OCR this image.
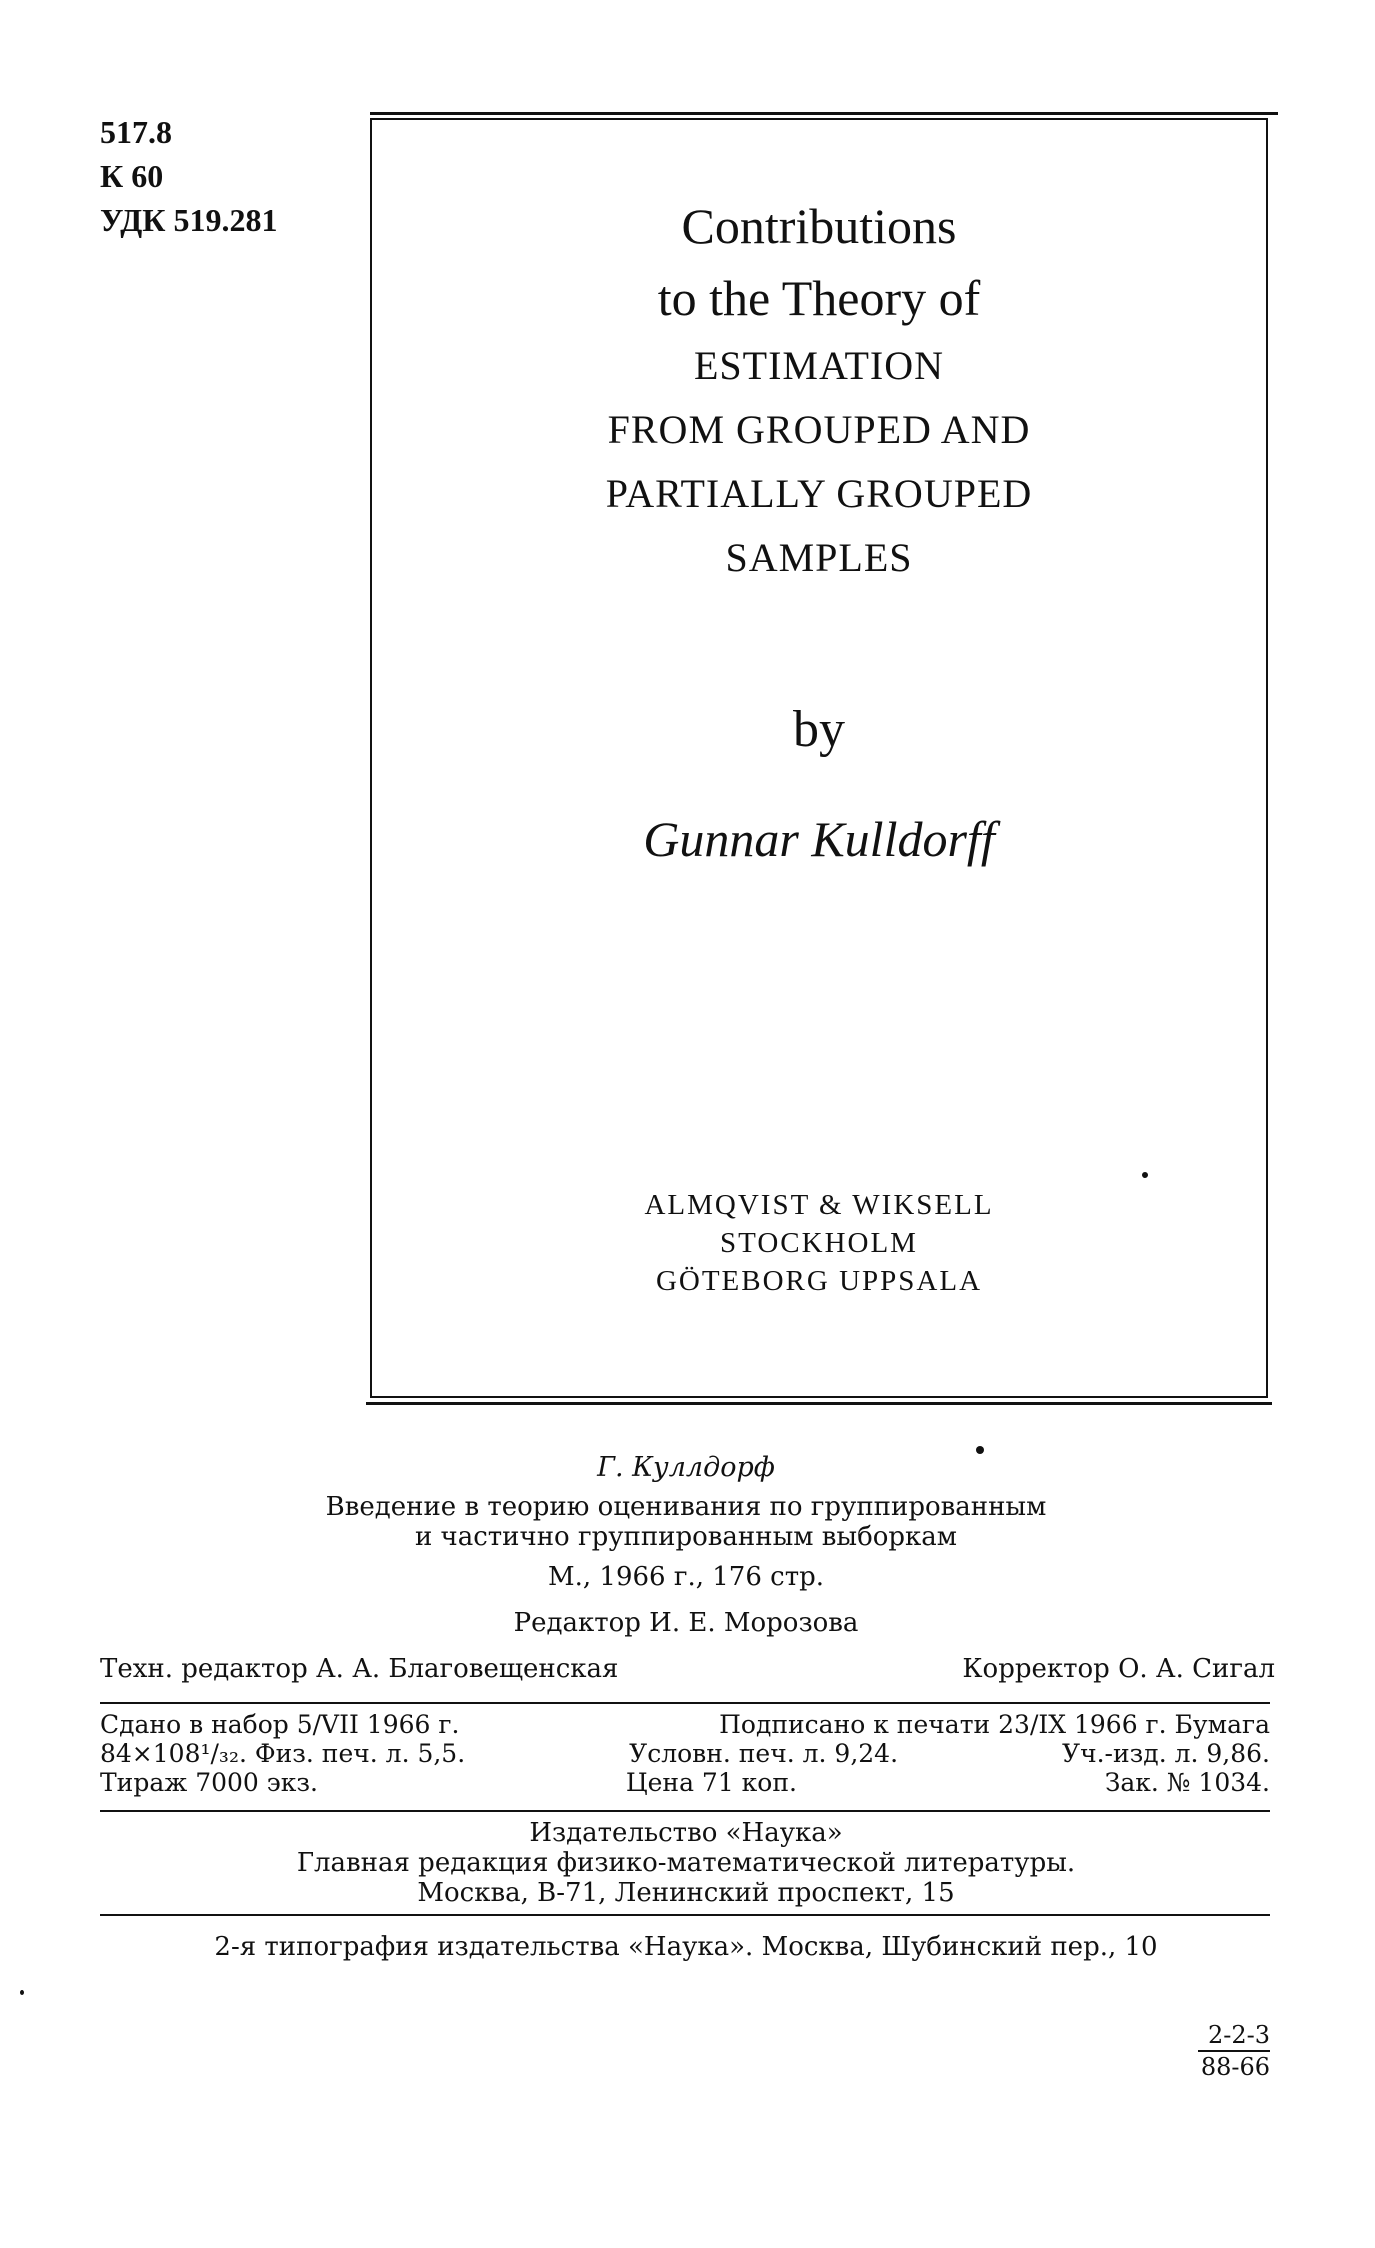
517.8
К 60
УДК 519.281	Contributions
to the Theory of
ESTIMATION
FROM GROUPED AND
PARTIALLY GROUPED
SAMPLES
by
Gunnar Kulldorff
ALMQVIST & WIKSELL
STOCKHOLM
GÖTEBORG UPPSALA
Г. Куллдорф
Введение в теорию оценивания по группированным
и частично группированным выборкам
М., 1966 г., 176 стр.
Редактор И. Е. Морозова
Техн. редактор А. А. Благовещенская	Корректор О. А. Сигал
Сдано в набор 5/VII 1966 г.	Подписано к печати 23/IX 1966 г. Бумага
84×108¹/₃₂. Физ. печ. л. 5,5.	Условн. печ. л. 9,24.	Уч.-изд. л. 9,86.
Тираж 7000 экз.	Цена 71 коп.	Зак. № 1034.
Издательство «Наука»
Главная редакция физико-математической литературы.
Москва, В-71, Ленинский проспект, 15
2-я типография издательства «Наука». Москва, Шубинский пер., 10
2-2-3
88-66
